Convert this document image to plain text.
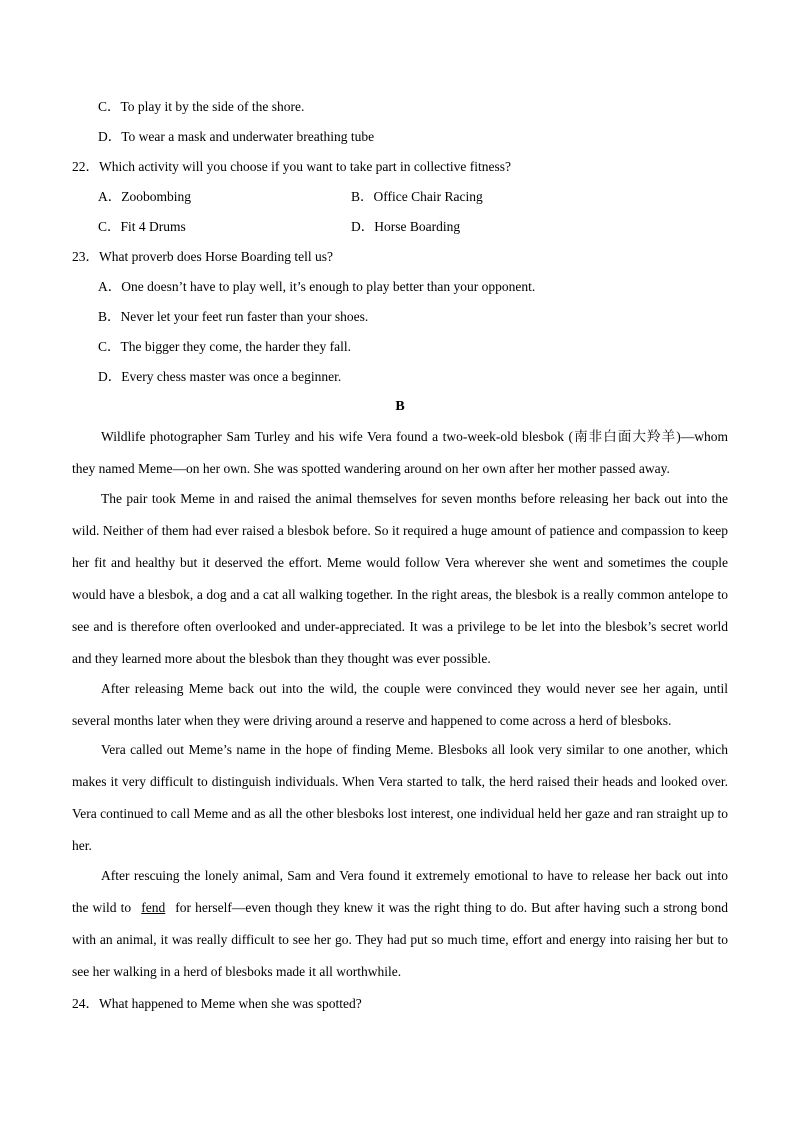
C．To play it by the side of the shore.
D．To wear a mask and underwater breathing tube
22．Which activity will you choose if you want to take part in collective fitness?
A．Zoobombing	B．Office Chair Racing
C．Fit 4 Drums	D．Horse Boarding
23．What proverb does Horse Boarding tell us?
A．One doesn’t have to play well, it’s enough to play better than your opponent.
B．Never let your feet run faster than your shoes.
C．The bigger they come, the harder they fall.
D．Every chess master was once a beginner.
B
Wildlife photographer Sam Turley and his wife Vera found a two-week-old blesbok (南非白面大羚羊)—whom they named Meme—on her own. She was spotted wandering around on her own after her mother passed away.
The pair took Meme in and raised the animal themselves for seven months before releasing her back out into the wild. Neither of them had ever raised a blesbok before. So it required a huge amount of patience and compassion to keep her fit and healthy but it deserved the effort. Meme would follow Vera wherever she went and sometimes the couple would have a blesbok, a dog and a cat all walking together. In the right areas, the blesbok is a really common antelope to see and is therefore often overlooked and under-appreciated. It was a privilege to be let into the blesbok’s secret world and they learned more about the blesbok than they thought was ever possible.
After releasing Meme back out into the wild, the couple were convinced they would never see her again, until several months later when they were driving around a reserve and happened to come across a herd of blesboks.
Vera called out Meme’s name in the hope of finding Meme. Blesboks all look very similar to one another, which makes it very difficult to distinguish individuals. When Vera started to talk, the herd raised their heads and looked over. Vera continued to call Meme and as all the other blesboks lost interest, one individual held her gaze and ran straight up to her.
After rescuing the lonely animal, Sam and Vera found it extremely emotional to have to release her back out into the wild to fend for herself—even though they knew it was the right thing to do. But after having such a strong bond with an animal, it was really difficult to see her go. They had put so much time, effort and energy into raising her but to see her walking in a herd of blesboks made it all worthwhile.
24．What happened to Meme when she was spotted?
